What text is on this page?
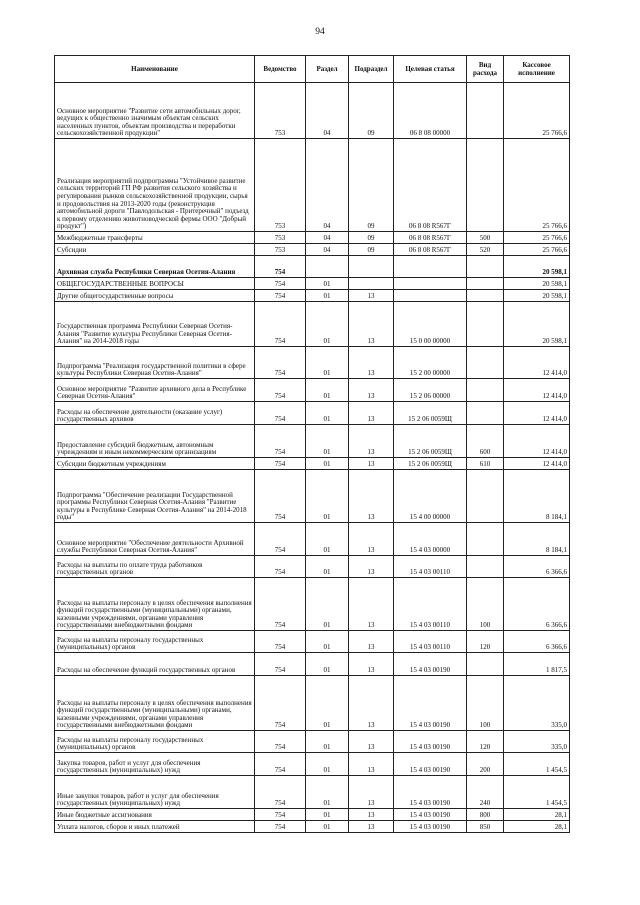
94
Наименование	Ведомство	Раздел	Подраздел	Целевая статья	Вид расхода	Кассовое исполнение
Основное мероприятие "Развитие сети автомобильных дорог, ведущих к общественно значимым объектам сельских населенных пунктов, объектам производства и переработки сельскохозяйственной продукции"	753	04	09	06 8 08 00000		25 766,6
Реализация мероприятий подпрограммы "Устойчивое развитие сельских территорий ГП РФ развития сельского хозяйства и регулирования рынков сельскохозяйственной продукции, сырья и продовольствия на 2013-2020 годы (реконструкция автомобильной дороги "Павлодольская - Притеречный" подъезд к первому отделению животноводческой фермы ООО "Добрый продукт")	753	04	09	06 8 08 R567Г		25 766,6
Межбюджетные трансферты	753	04	09	06 8 08 R567Г	500	25 766,6
Субсидии	753	04	09	06 8 08 R567Г	520	25 766,6
Архивная служба Республики Северная Осетия-Алания	754					20 598,1
ОБЩЕГОСУДАРСТВЕННЫЕ ВОПРОСЫ	754	01				20 598,1
Другие общегосударственные вопросы	754	01	13			20 598,1
Государственная программа Республики Северная Осетия-Алания "Развитие культуры Республики Северная Осетия-Алания" на 2014-2018 годы	754	01	13	15 0 00 00000		20 598,1
Подпрограмма "Реализация государственной политики в сфере культуры Республики Северная Осетия-Алания"	754	01	13	15 2 00 00000		12 414,0
Основное мероприятие "Развитие архивного дела в Республике Северная Осетия-Алания"	754	01	13	15 2 06 00000		12 414,0
Расходы на обеспечение деятельности (оказание услуг) государственных архивов	754	01	13	15 2 06 0059Щ		12 414,0
Предоставление субсидий бюджетным, автономным учреждениям и иным некоммерческим организациям	754	01	13	15 2 06 0059Щ	600	12 414,0
Субсидии бюджетным учреждениям	754	01	13	15 2 06 0059Щ	610	12 414,0
Подпрограмма "Обеспечение реализации Государственной программы Республики Северная Осетия-Алания "Развитие культуры в Республике Северная Осетия-Алания" на 2014-2018 годы"	754	01	13	15 4 00 00000		8 184,1
Основное мероприятие "Обеспечение деятельности Архивной службы Республики Северная Осетия-Алания"	754	01	13	15 4 03 00000		8 184,1
Расходы на выплаты по оплате труда работников государственных органов	754	01	13	15 4 03 00110		6 366,6
Расходы на выплаты персоналу в целях обеспечения выполнения функций государственными (муниципальными) органами, казенными учреждениями, органами управления государственными внебюджетными фондами	754	01	13	15 4 03 00110	100	6 366,6
Расходы на выплаты персоналу государственных (муниципальных) органов	754	01	13	15 4 03 00110	120	6 366,6
Расходы на обеспечение функций государственных органов	754	01	13	15 4 03 00190		1 817,5
Расходы на выплаты персоналу в целях обеспечения выполнения функций государственными (муниципальными) органами, казенными учреждениями, органами управления государственными внебюджетными фондами	754	01	13	15 4 03 00190	100	335,0
Расходы на выплаты персоналу государственных (муниципальных) органов	754	01	13	15 4 03 00190	120	335,0
Закупка товаров, работ и услуг для обеспечения государственных (муниципальных) нужд	754	01	13	15 4 03 00190	200	1 454,5
Иные закупки товаров, работ и услуг для обеспечения государственных (муниципальных) нужд	754	01	13	15 4 03 00190	240	1 454,5
Иные бюджетные ассигнования	754	01	13	15 4 03 00190	800	28,1
Уплата налогов, сборов и иных платежей	754	01	13	15 4 03 00190	850	28,1
